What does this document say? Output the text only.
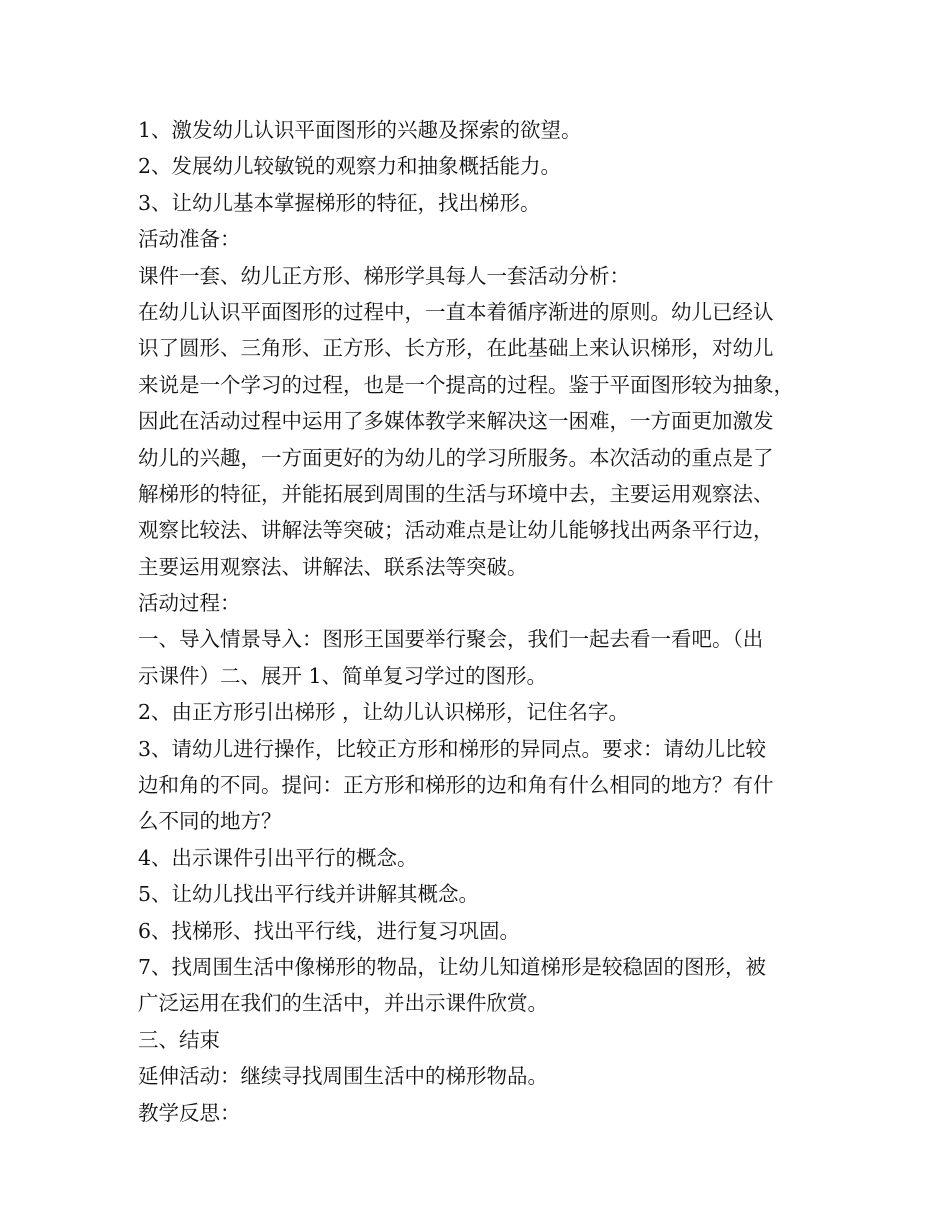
1、激发幼儿认识平面图形的兴趣及探索的欲望。
2、发展幼儿较敏锐的观察力和抽象概括能力。
3、让幼儿基本掌握梯形的特征，找出梯形。
活动准备：
课件一套、幼儿正方形、梯形学具每人一套活动分析：
在幼儿认识平面图形的过程中，一直本着循序渐进的原则。幼儿已经认
识了圆形、三角形、正方形、长方形，在此基础上来认识梯形，对幼儿
来说是一个学习的过程，也是一个提高的过程。鉴于平面图形较为抽象，
因此在活动过程中运用了多媒体教学来解决这一困难，一方面更加激发
幼儿的兴趣，一方面更好的为幼儿的学习所服务。本次活动的重点是了
解梯形的特征，并能拓展到周围的生活与环境中去，主要运用观察法、
观察比较法、讲解法等突破；活动难点是让幼儿能够找出两条平行边，
主要运用观察法、讲解法、联系法等突破。
活动过程：
一、导入情景导入：图形王国要举行聚会，我们一起去看一看吧。（出
示课件）二、展开 1、简单复习学过的图形。
2、由正方形引出梯形 ，让幼儿认识梯形，记住名字。
3、请幼儿进行操作，比较正方形和梯形的异同点。要求：请幼儿比较
边和角的不同。提问：正方形和梯形的边和角有什么相同的地方？有什
么不同的地方？
4、出示课件引出平行的概念。
5、让幼儿找出平行线并讲解其概念。
6、找梯形、找出平行线，进行复习巩固。
7、找周围生活中像梯形的物品，让幼儿知道梯形是较稳固的图形，被
广泛运用在我们的生活中，并出示课件欣赏。
三、结束
延伸活动：继续寻找周围生活中的梯形物品。
教学反思：
